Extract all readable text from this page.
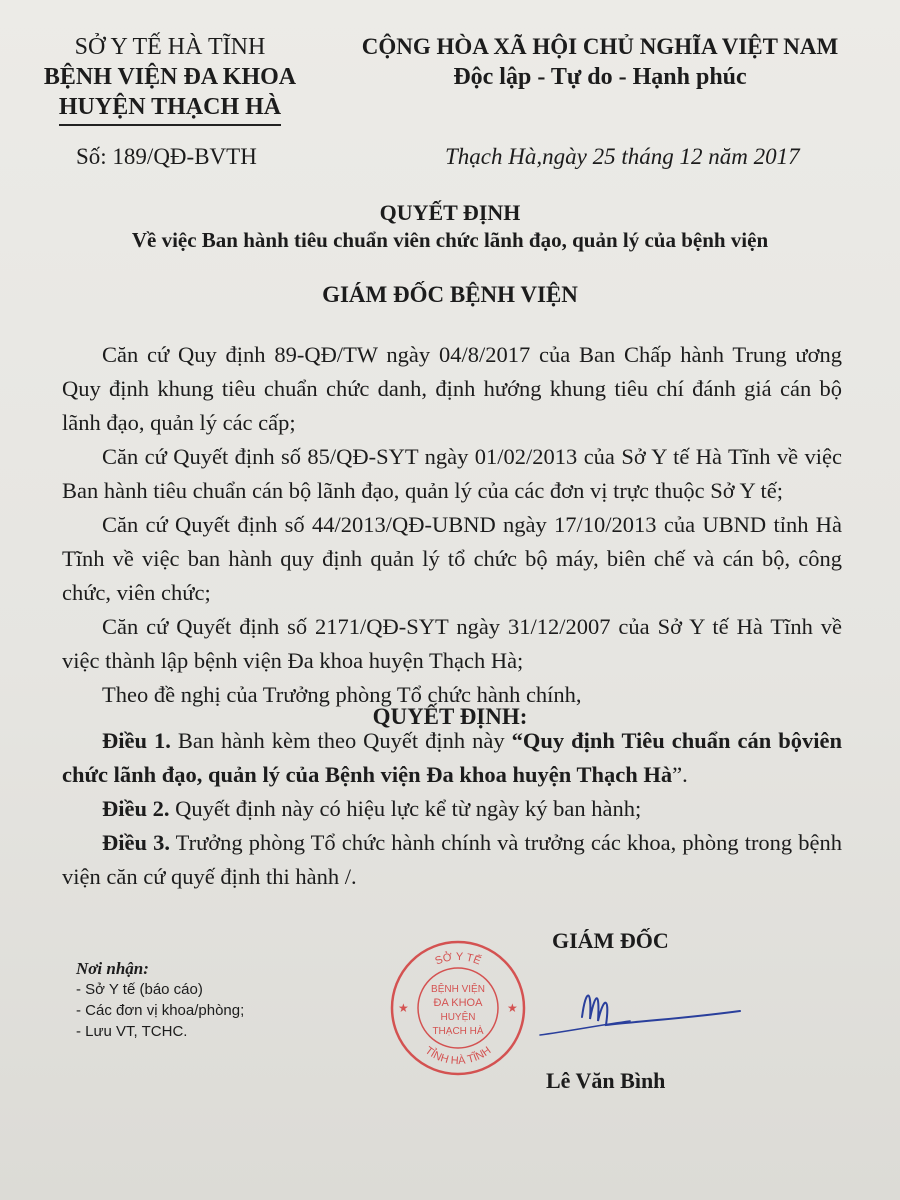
SỞ Y TẾ HÀ TĨNH
BỆNH VIỆN ĐA KHOA
HUYỆN THẠCH HÀ
CỘNG HÒA XÃ HỘI CHỦ NGHĨA VIỆT NAM
Độc lập - Tự do - Hạnh phúc
Số: 189/QĐ-BVTH	Thạch Hà,ngày 25 tháng 12 năm 2017
QUYẾT ĐỊNH
Về việc Ban hành tiêu chuẩn viên chức lãnh đạo, quản lý của bệnh viện
GIÁM ĐỐC BỆNH VIỆN

Căn cứ Quy định 89-QĐ/TW ngày 04/8/2017 của Ban Chấp hành Trung ương Quy định khung tiêu chuẩn chức danh, định hướng khung tiêu chí đánh giá cán bộ lãnh đạo, quản lý các cấp;

Căn cứ Quyết định số 85/QĐ-SYT ngày 01/02/2013 của Sở Y tế Hà Tĩnh về việc Ban hành tiêu chuẩn cán bộ lãnh đạo, quản lý của các đơn vị trực thuộc Sở Y tế;

Căn cứ Quyết định số 44/2013/QĐ-UBND ngày 17/10/2013 của UBND tỉnh Hà Tĩnh về việc ban hành quy định quản lý tổ chức bộ máy, biên chế và cán bộ, công chức, viên chức;

Căn cứ Quyết định số 2171/QĐ-SYT ngày 31/12/2007 của Sở Y tế Hà Tĩnh về việc thành lập bệnh viện Đa khoa huyện Thạch Hà;

Theo đề nghị của Trưởng phòng Tổ chức hành chính,

QUYẾT ĐỊNH:

Điều 1. Ban hành kèm theo Quyết định này “Quy định Tiêu chuẩn cán bộviên chức lãnh đạo, quản lý của Bệnh viện Đa khoa huyện Thạch Hà”.

Điều 2. Quyết định này có hiệu lực kể từ ngày ký ban hành;

Điều 3. Trưởng phòng Tổ chức hành chính và trưởng các khoa, phòng trong bệnh viện căn cứ quyế định thi hành /.

Nơi nhận:
- Sở Y tế (báo cáo)
- Các đơn vị khoa/phòng;
- Lưu VT, TCHC.
GIÁM ĐỐC
SỞ Y TẾ
TỈNH HÀ TĨNH
BỆNH VIỆN
ĐA KHOA
HUYỆN
THẠCH HÀ
★	★
Lê Văn Bình
